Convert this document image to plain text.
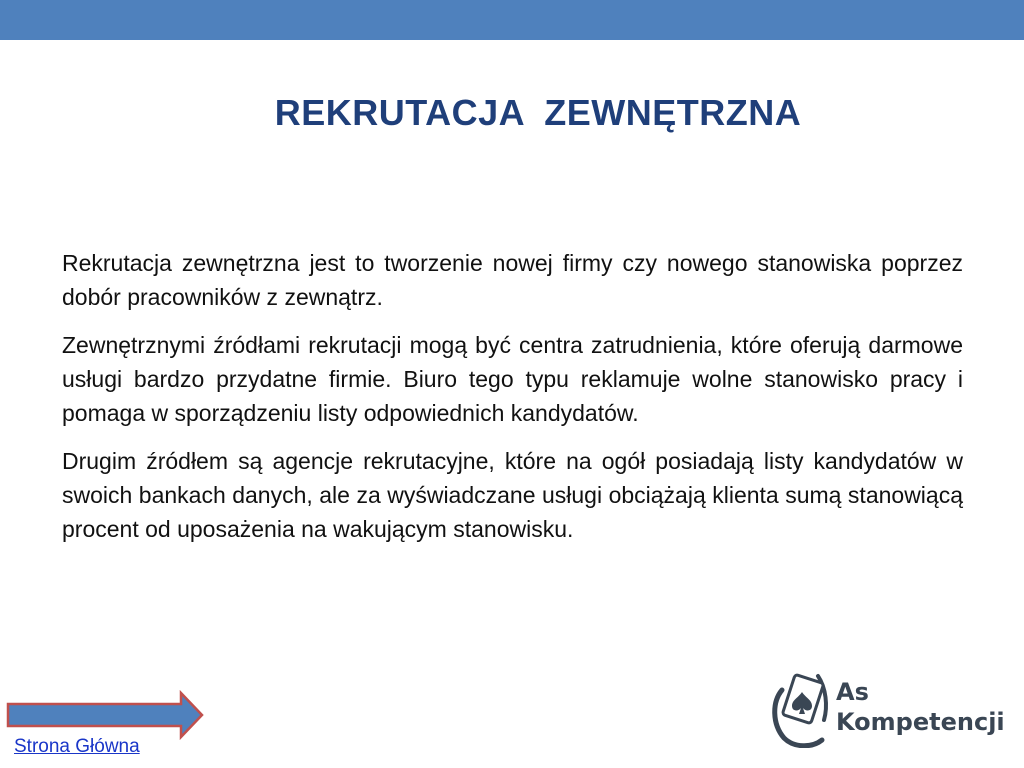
REKRUTACJA ZEWNĘTRZNA

Rekrutacja zewnętrzna jest to tworzenie nowej firmy czy nowego stanowiska poprzez dobór pracowników z zewnątrz.

Zewnętrznymi źródłami rekrutacji mogą być centra zatrudnienia, które oferują darmowe usługi bardzo przydatne firmie. Biuro tego typu reklamuje wolne stanowisko pracy i pomaga w sporządzeniu listy odpowiednich kandydatów.

Drugim źródłem są agencje rekrutacyjne, które na ogół posiadają listy kandydatów w swoich bankach danych, ale za wyświadczane usługi obciążają klienta sumą stanowiącą procent od uposażenia na wakującym stanowisku.

Strona Główna
As
Kompetencji
